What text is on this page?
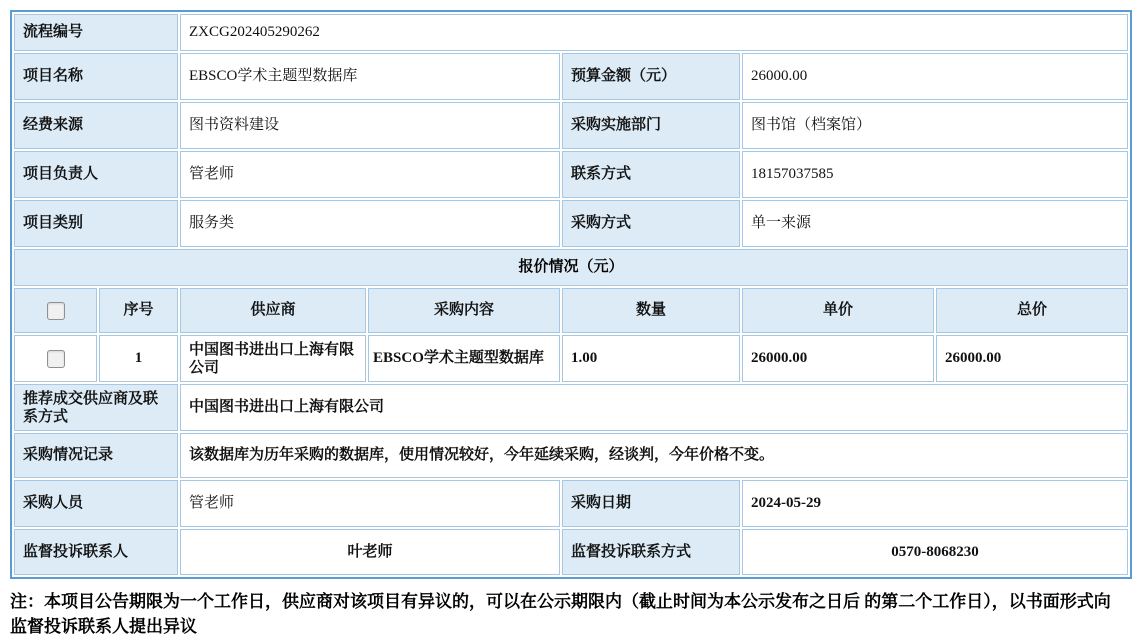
流程编号		ZXCG202405290262				
项目名称		EBSCO学术主题型数据库		预算金额（元）	26000.00	
经费来源		图书资料建设		采购实施部门	图书馆（档案馆）	
项目负责人		管老师		联系方式	18157037585	
项目类别		服务类		采购方式	单一来源	
报价情况（元）						
	序号	供应商	采购内容	数量	单价	总价
	1	中国图书进出口上海有限公司	EBSCO学术主题型数据库	1.00	26000.00	26000.00
推荐成交供应商及联系方式		中国图书进出口上海有限公司				
采购情况记录		该数据库为历年采购的数据库，使用情况较好，今年延续采购，经谈判，今年价格不变。				
采购人员		管老师		采购日期	2024-05-29	
监督投诉联系人		叶老师		监督投诉联系方式	0570-8068230	
注：本项目公告期限为一个工作日，供应商对该项目有异议的，可以在公示期限内（截止时间为本公示发布之日后 的第二个工作日），以书面形式向监督投诉联系人提出异议
